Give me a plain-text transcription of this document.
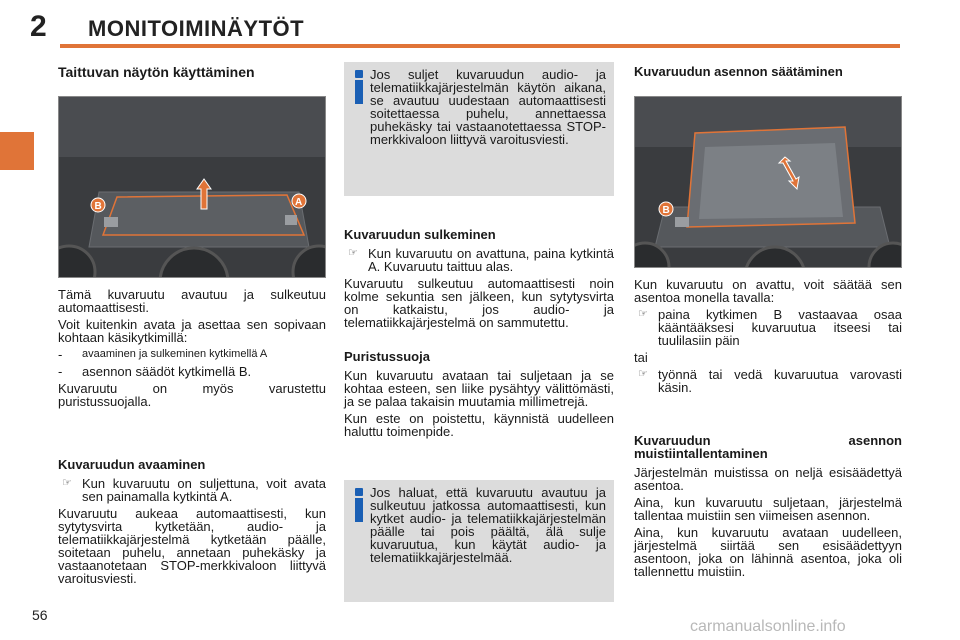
2 MONITOIMINÄYTÖT
Taittuvan näytön käyttäminen
B	A

Tämä kuvaruutu avautuu ja sulkeutuu automaattisesti.

Voit kuitenkin avata ja asettaa sen sopivaan kohtaan käsikytkimillä:

-	avaaminen ja sulkeminen kytkimellä A
-	asennon säädöt kytkimellä B.

Kuvaruutu on myös varustettu puristussuojalla.

Kuvaruudun avaaminen

☞ Kun kuvaruutu on suljettuna, voit avata sen painamalla kytkintä A.

Kuvaruutu aukeaa automaattisesti, kun sytytysvirta kytketään, audio- ja telematiikkajärjestelmä kytketään päälle, soitetaan puhelu, annetaan puhekäsky ja vastaanotetaan STOP-merkkivaloon liittyvä varoitusviesti.

Jos suljet kuvaruudun audio- ja telematiikkajärjestelmän käytön aikana, se avautuu uudestaan automaattisesti soitettaessa puhelu, annettaessa puhekäsky tai vastaanotettaessa STOP-merkkivaloon liittyvä varoitusviesti.

Kuvaruudun sulkeminen

☞ Kun kuvaruutu on avattuna, paina kytkintä A. Kuvaruutu taittuu alas.

Kuvaruutu sulkeutuu automaattisesti noin kolme sekuntia sen jälkeen, kun sytytysvirta on katkaistu, jos audio- ja telematiikkajärjestelmä on sammutettu.

Puristussuoja

Kun kuvaruutu avataan tai suljetaan ja se kohtaa esteen, sen liike pysähtyy välittömästi, ja se palaa takaisin muutamia millimetrejä.

Kun este on poistettu, käynnistä uudelleen haluttu toimenpide.

Jos haluat, että kuvaruutu avautuu ja sulkeutuu jatkossa automaattisesti, kun kytket audio- ja telematiikkajärjestelmän päälle tai pois päältä, älä sulje kuvaruutua, kun käytät audio- ja telematiikkajärjestelmää.

Kuvaruudun asennon säätäminen
B

Kun kuvaruutu on avattu, voit säätää sen asentoa monella tavalla:

☞ paina kytkimen B vastaavaa osaa kääntääksesi kuvaruutua itseesi tai tuulilasiin päin

tai

☞ työnnä tai vedä kuvaruutua varovasti käsin.

Kuvaruudun asennon muistiintallentaminen

Järjestelmän muistissa on neljä esisäädettyä asentoa.

Aina, kun kuvaruutu suljetaan, järjestelmä tallentaa muistiin sen viimeisen asennon.

Aina, kun kuvaruutu avataan uudelleen, järjestelmä siirtää sen esisäädettyyn asentoon, joka on lähinnä asentoa, joka oli tallennettu muistiin.

56
carmanualsonline.info
